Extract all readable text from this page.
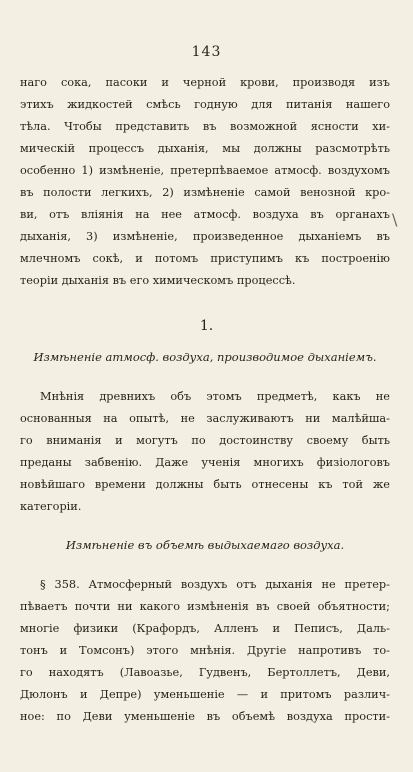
143
наго сока, пасоки и черной крови, производя изъ
этихъ жидкостей смѣсь годную для питанія нашего
тѣла. Чтобы представить въ возможной ясности хи-
мическій процессъ дыханія, мы должны разсмотрѣть
особенно 1) измѣненіе, претерпѣваемое атмосф. воздухомъ
въ полости легкихъ, 2) измѣненіе самой венозной кро-
ви, отъ вліянія на нее атмосф. воздуха въ органахъ
дыханія, 3) измѣненіе, произведенное дыханіемъ въ
млечномъ сокѣ, и потомъ приступимъ къ построенію
теоріи дыханія въ его химическомъ процессѣ.
\
1.
Измѣненіе атмосф. воздуха, производимое дыханіемъ.
Мнѣнія древнихъ объ этомъ предметѣ, какъ не
основанныя на опытѣ, не заслуживаютъ ни малѣйша-
го вниманія и могутъ по достоинству своему быть
преданы забвенію. Даже ученія многихъ физіологовъ
новѣйшаго времени должны быть отнесены къ той же
категоріи.
Измѣненіе въ объемѣ выдыхаемаго воздуха.
§ 358. Атмосферный воздухъ отъ дыханія не претер-
пѣваетъ почти ни какого измѣненія въ своей объятности;
многіе физики (Крафордъ, Алленъ и Пеписъ, Даль-
тонъ и Томсонъ) этого мнѣнія. Другіе напротивъ то-
го находятъ (Лавоазье, Гудвенъ, Бертоллетъ, Деви,
Дюлонъ и Депре) уменьшеніе — и притомъ различ-
ное: по Деви уменьшеніе въ объемѣ воздуха прости-
